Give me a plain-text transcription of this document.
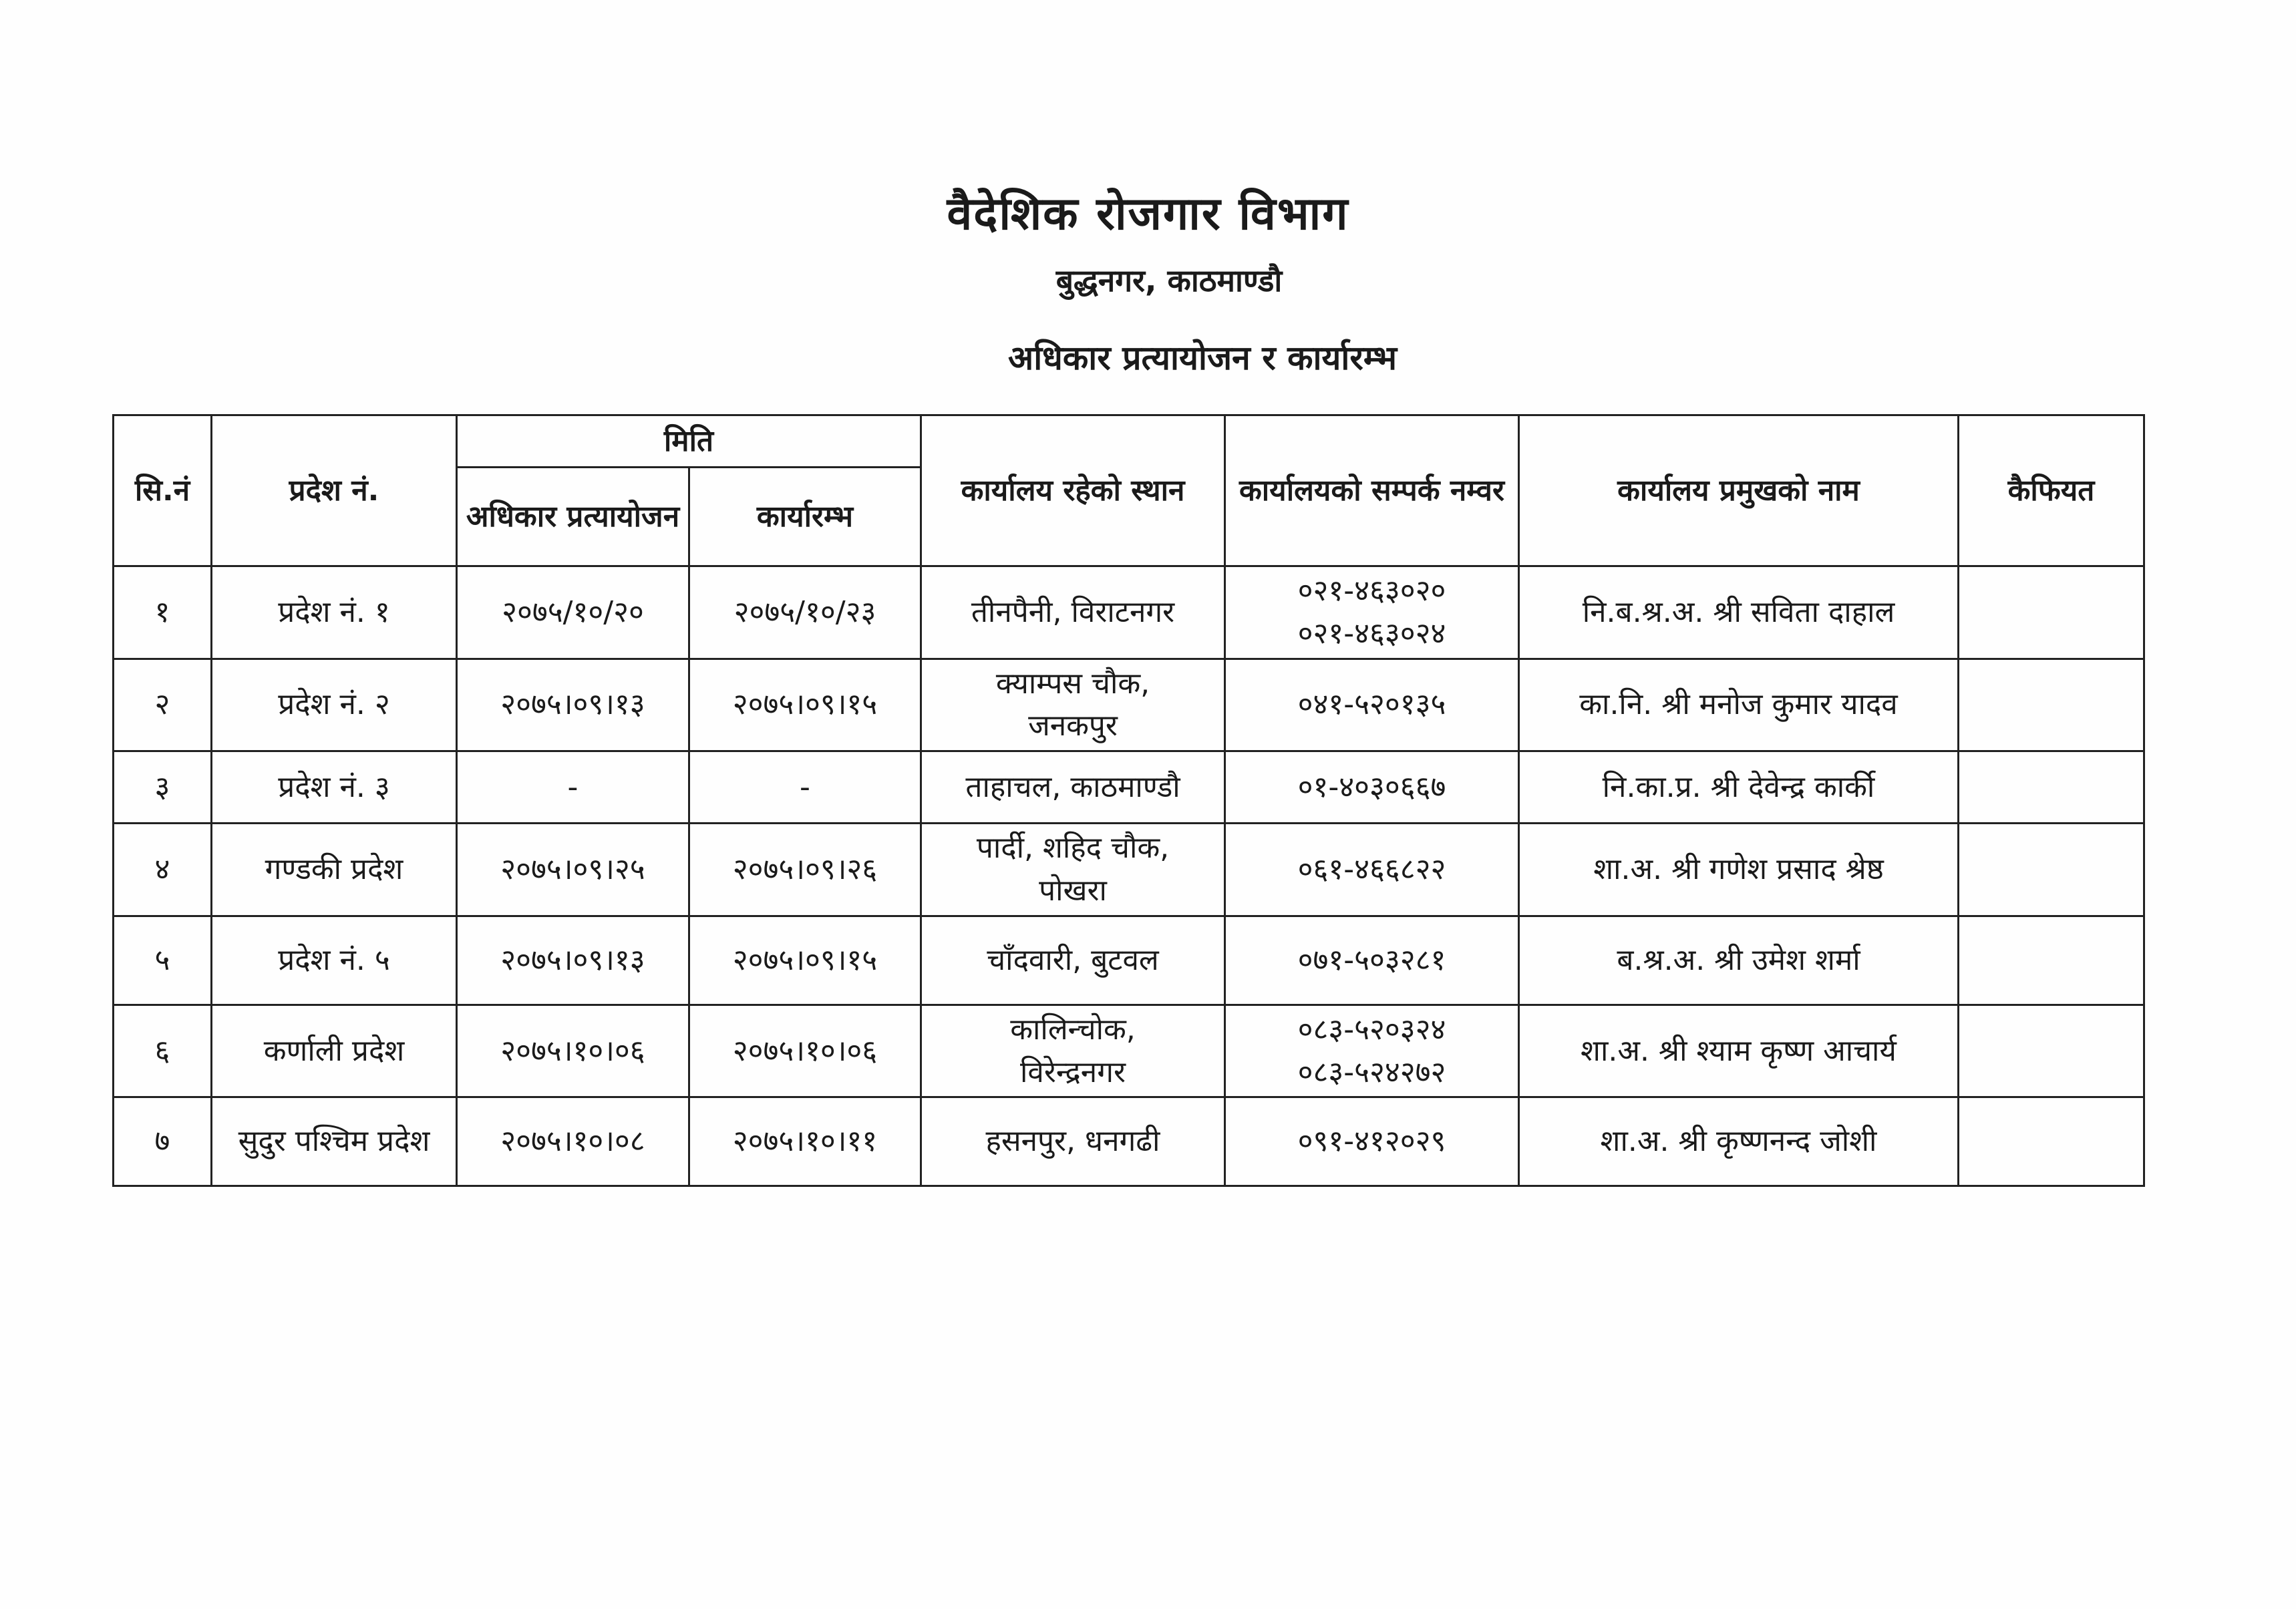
वैदेशिक रोजगार विभाग
बुद्धनगर, काठमाण्डौ
अधिकार प्रत्यायोजन र कार्यारम्भ
सि.नं	प्रदेश नं.	मिति		कार्यालय रहेको स्थान	कार्यालयको सम्पर्क नम्वर	कार्यालय प्रमुखको नाम	कैफियत
		अधिकार प्रत्यायोजन	कार्यारम्भ				
१	प्रदेश नं. १	२०७५/१०/२०	२०७५/१०/२३	तीनपैनी, विराटनगर	०२१-४६३०२०
०२१-४६३०२४	नि.ब.श्र.अ. श्री सविता दाहाल	
२	प्रदेश नं. २	२०७५।०९।१३	२०७५।०९।१५	क्याम्पस चौक,
जनकपुर	०४१-५२०१३५	का.नि. श्री मनोज कुमार यादव	
३	प्रदेश नं. ३	-	-	ताहाचल, काठमाण्डौ	०१-४०३०६६७	नि.का.प्र. श्री देवेन्द्र कार्की	
४	गण्डकी प्रदेश	२०७५।०९।२५	२०७५।०९।२६	पार्दी, शहिद चौक,
पोखरा	०६१-४६६८२२	शा.अ. श्री गणेश प्रसाद श्रेष्ठ	
५	प्रदेश नं. ५	२०७५।०९।१३	२०७५।०९।१५	चाँदवारी, बुटवल	०७१-५०३२८१	ब.श्र.अ. श्री उमेश शर्मा	
६	कर्णाली प्रदेश	२०७५।१०।०६	२०७५।१०।०६	कालिन्चोक,
विरेन्द्रनगर	०८३-५२०३२४
०८३-५२४२७२	शा.अ. श्री श्याम कृष्ण आचार्य	
७	सुदुर पश्चिम प्रदेश	२०७५।१०।०८	२०७५।१०।११	हसनपुर, धनगढी	०९१-४१२०२९	शा.अ. श्री कृष्णनन्द जोशी	
